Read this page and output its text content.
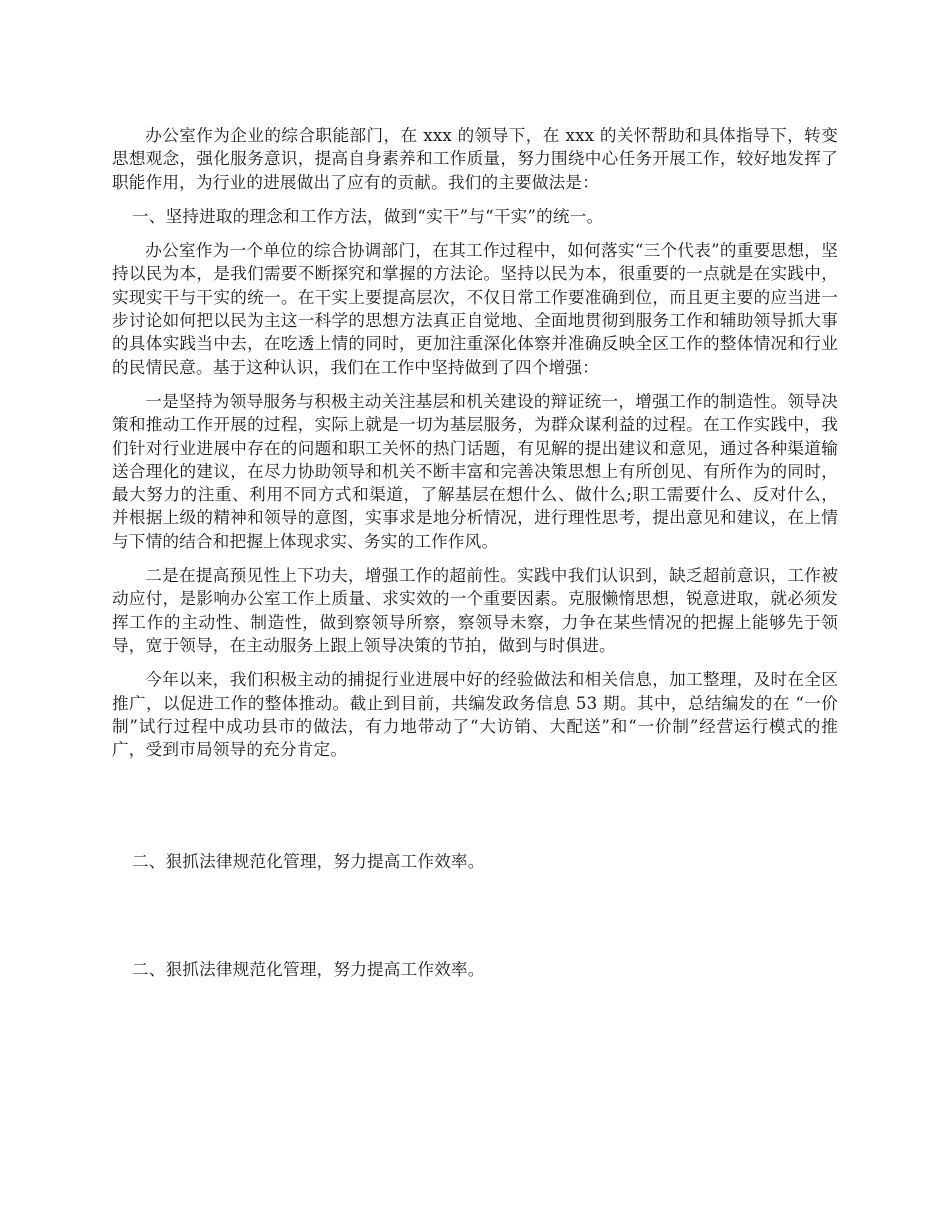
办公室作为企业的综合职能部门，在 xxx 的领导下，在 xxx 的关怀帮助和具体指导下，转变思想观念，强化服务意识，提高自身素养和工作质量，努力围绕中心任务开展工作，较好地发挥了职能作用，为行业的进展做出了应有的贡献。我们的主要做法是：

一、坚持进取的理念和工作方法，做到“实干”与“干实”的统一。

办公室作为一个单位的综合协调部门，在其工作过程中，如何落实“三个代表”的重要思想，坚持以民为本，是我们需要不断探究和掌握的方法论。坚持以民为本，很重要的一点就是在实践中，实现实干与干实的统一。在干实上要提高层次，不仅日常工作要准确到位，而且更主要的应当进一步讨论如何把以民为主这一科学的思想方法真正自觉地、全面地贯彻到服务工作和辅助领导抓大事的具体实践当中去，在吃透上情的同时，更加注重深化体察并准确反映全区工作的整体情况和行业的民情民意。基于这种认识，我们在工作中坚持做到了四个增强：

一是坚持为领导服务与积极主动关注基层和机关建设的辩证统一，增强工作的制造性。领导决策和推动工作开展的过程，实际上就是一切为基层服务，为群众谋利益的过程。在工作实践中，我们针对行业进展中存在的问题和职工关怀的热门话题，有见解的提出建议和意见，通过各种渠道输送合理化的建议，在尽力协助领导和机关不断丰富和完善决策思想上有所创见、有所作为的同时，最大努力的注重、利用不同方式和渠道，了解基层在想什么、做什么;职工需要什么、反对什么，并根据上级的精神和领导的意图，实事求是地分析情况，进行理性思考，提出意见和建议，在上情与下情的结合和把握上体现求实、务实的工作作风。

二是在提高预见性上下功夫，增强工作的超前性。实践中我们认识到，缺乏超前意识，工作被动应付，是影响办公室工作上质量、求实效的一个重要因素。克服懒惰思想，锐意进取，就必须发挥工作的主动性、制造性，做到察领导所察，察领导未察，力争在某些情况的把握上能够先于领导，宽于领导，在主动服务上跟上领导决策的节拍，做到与时俱进。

今年以来，我们积极主动的捕捉行业进展中好的经验做法和相关信息，加工整理，及时在全区推广，以促进工作的整体推动。截止到目前，共编发政务信息 53 期。其中，总结编发的在 “一价制”试行过程中成功县市的做法，有力地带动了“大访销、大配送”和“一价制”经营运行模式的推广，受到市局领导的充分肯定。

二、狠抓法律规范化管理，努力提高工作效率。

二、狠抓法律规范化管理，努力提高工作效率。
